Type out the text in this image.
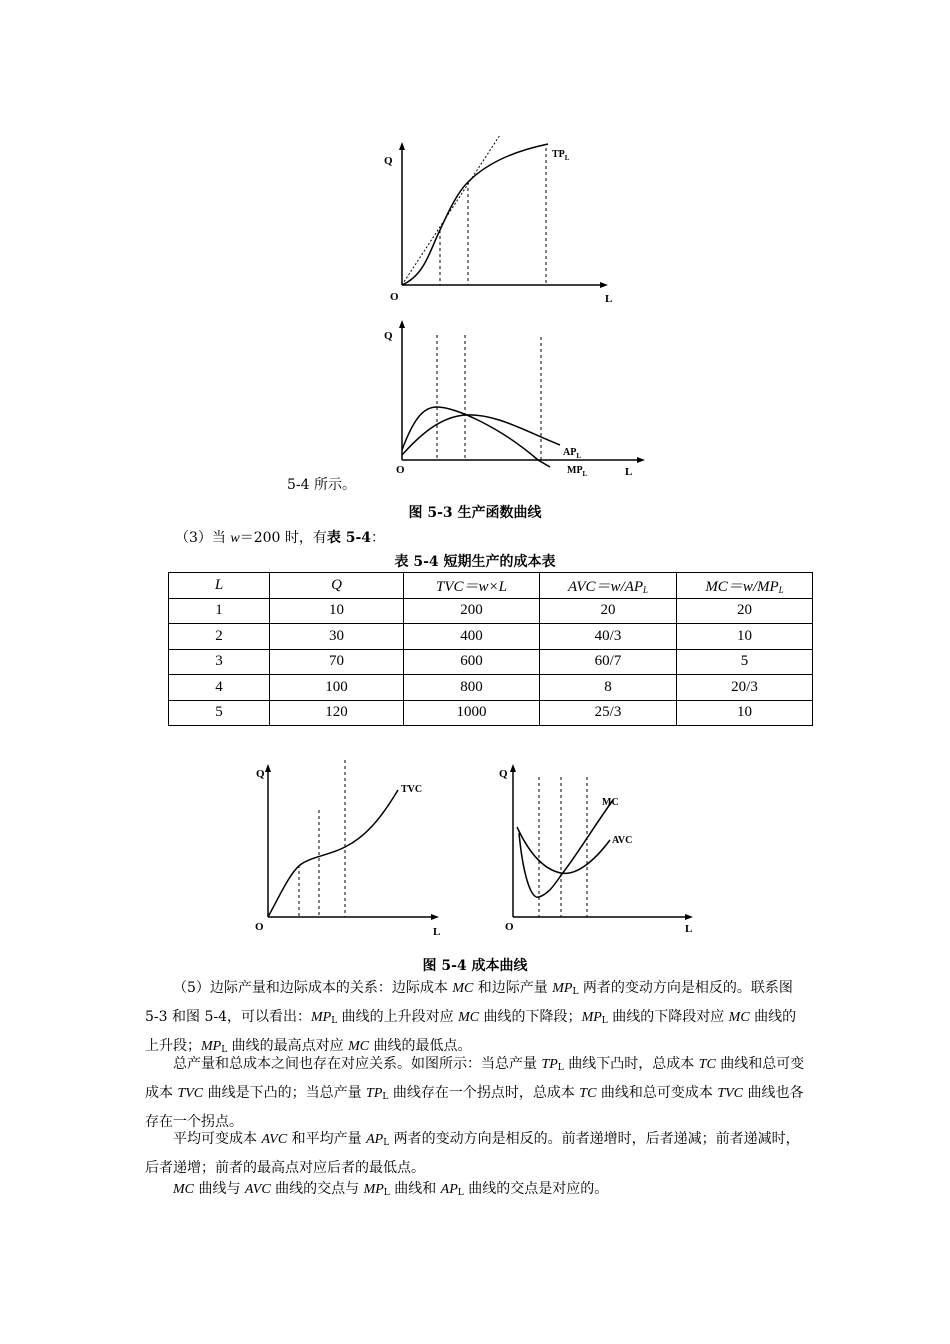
Q
L
O
$TP_L$
Q
L
O
$AP_L$
$MP_L$
5-4 所示。
图 5-3 生产函数曲线
（3）当 w＝200 时，有表 5-4：
表 5-4 短期生产的成本表
L	Q	TVC＝w×L	$AVC=w/AP_L$	$MC=w/MP_L$
1	10	200	20	20
2	30	400	40/3	10
3	70	600	60/7	5
4	100	800	8	20/3
5	120	1000	25/3	10
Q
L
O
TVC
Q
L
O
MC
AVC
图 5-4 成本曲线
（5）边际产量和边际成本的关系：边际成本 MC 和边际产量 $MP_L$ 两者的变动方向是相反的。联系图 5-3 和图 5-4，可以看出：$MP_L$ 曲线的上升段对应 MC 曲线的下降段；$MP_L$ 曲线的下降段对应 MC 曲线的上升段；$MP_L$ 曲线的最高点对应 MC 曲线的最低点。
总产量和总成本之间也存在对应关系。如图所示：当总产量 $TP_L$ 曲线下凸时，总成本 TC 曲线和总可变成本 TVC 曲线是下凸的；当总产量 $TP_L$ 曲线存在一个拐点时，总成本 TC 曲线和总可变成本 TVC 曲线也各存在一个拐点。
平均可变成本 AVC 和平均产量 $AP_L$ 两者的变动方向是相反的。前者递增时，后者递减；前者递减时，后者递增；前者的最高点对应后者的最低点。
MC 曲线与 AVC 曲线的交点与 $MP_L$ 曲线和 $AP_L$ 曲线的交点是对应的。
